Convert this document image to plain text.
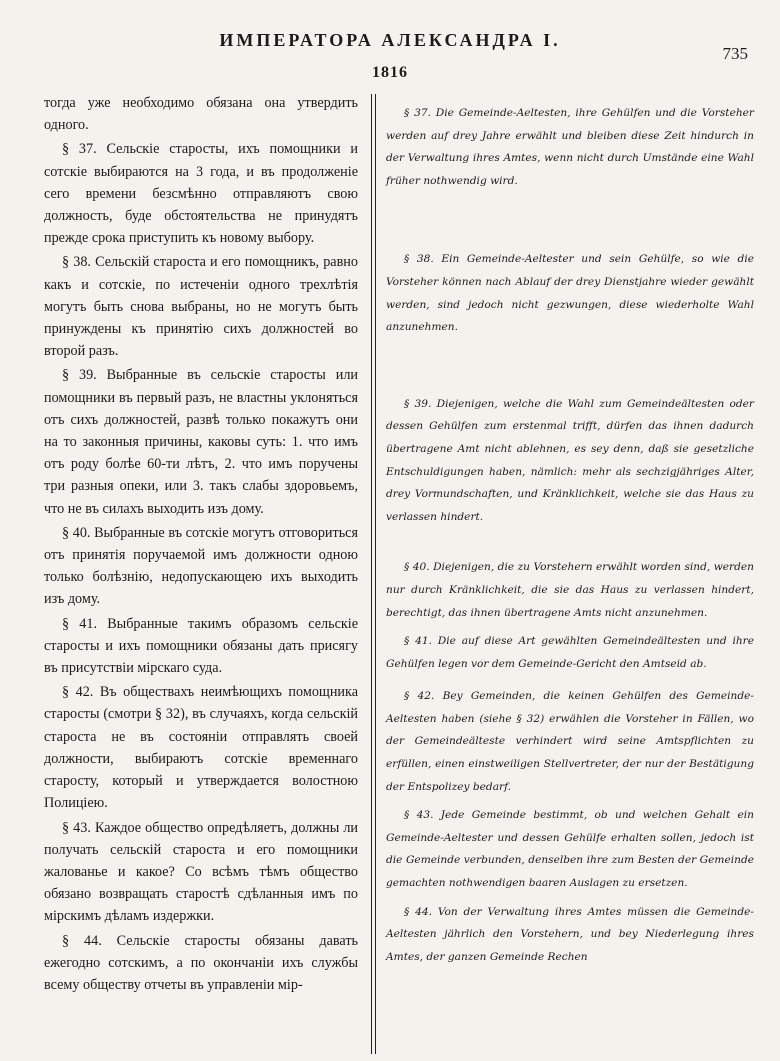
ИМПЕРАТОРА АЛЕКСАНДРА I.
735
1816

тогда уже необходимо обязана она утвердить одного.

§ 37. Сельскіе старосты, ихъ помощники и сотскіе выбираются на 3 года, и въ продолженіе сего времени безсмѣнно отправляютъ свою должность, буде обстоятельства не принудятъ прежде срока приступить къ новому выбору.

§ 38. Сельскій староста и его помощникъ, равно какъ и сотскіе, по истеченіи одного трехлѣтія могутъ быть снова выбраны, но не могутъ быть принуждены къ принятію сихъ должностей во второй разъ.

§ 39. Выбранные въ сельскіе старосты или помощники въ первый разъ, не властны уклоняться отъ сихъ должностей, развѣ только покажутъ они на то законныя причины, каковы суть: 1. что имъ отъ роду болѣе 60-ти лѣтъ, 2. что имъ поручены три разныя опеки, или 3. такъ слабы здоровьемъ, что не въ силахъ выходить изъ дому.

§ 40. Выбранные въ сотскіе могутъ отговориться отъ принятія поручаемой имъ должности одною только болѣзнію, недопускающею ихъ выходить изъ дому.

§ 41. Выбранные такимъ образомъ сельскіе старосты и ихъ помощники обязаны дать присягу въ присутствіи мірскаго суда.

§ 42. Въ обществахъ неимѣющихъ помощника старосты (смотри § 32), въ случаяхъ, когда сельскій староста не въ состояніи отправлять своей должности, выбираютъ сотскіе временнаго старосту, который и утверждается волостною Полиціею.

§ 43. Каждое общество опредѣляетъ, должны ли получать сельскій староста и его помощники жалованье и какое? Со всѣмъ тѣмъ общество обязано возвращать старостѣ сдѣланныя имъ по мірскимъ дѣламъ издержки.

§ 44. Сельскіе старосты обязаны давать ежегодно сотскимъ, а по окончаніи ихъ службы всему обществу отчеты въ управленіи мір-

§ 37. Die Gemeinde-Aeltesten, ihre Gehülfen und die Vorsteher werden auf drey Jahre erwählt und bleiben diese Zeit hindurch in der Verwaltung ihres Amtes, wenn nicht durch Umstände eine Wahl früher nothwendig wird.

§ 38. Ein Gemeinde-Aeltester und sein Gehülfe, so wie die Vorsteher können nach Ablauf der drey Dienstjahre wieder gewählt werden, sind jedoch nicht gezwungen, diese wiederholte Wahl anzunehmen.

§ 39. Diejenigen, welche die Wahl zum Gemeindeältesten oder dessen Gehülfen zum erstenmal trifft, dürfen das ihnen dadurch übertragene Amt nicht ablehnen, es sey denn, daß sie gesetzliche Entschuldigungen haben, nämlich: mehr als sechzigjähriges Alter, drey Vormundschaften, und Kränklichkeit, welche sie das Haus zu verlassen hindert.

§ 40. Diejenigen, die zu Vorstehern erwählt worden sind, werden nur durch Kränklichkeit, die sie das Haus zu verlassen hindert, berechtigt, das ihnen übertragene Amts nicht anzunehmen.

§ 41. Die auf diese Art gewählten Gemeindeältesten und ihre Gehülfen legen vor dem Gemeinde-Gericht den Amtseid ab.

§ 42. Bey Gemeinden, die keinen Gehülfen des Gemeinde-Aeltesten haben (siehe § 32) erwählen die Vorsteher in Fällen, wo der Gemeindeälteste verhindert wird seine Amtspflichten zu erfüllen, einen einstweiligen Stellvertreter, der nur der Bestätigung der Entspolizey bedarf.

§ 43. Jede Gemeinde bestimmt, ob und welchen Gehalt ein Gemeinde-Aeltester und dessen Gehülfe erhalten sollen, jedoch ist die Gemeinde verbunden, denselben ihre zum Besten der Gemeinde gemachten nothwendigen baaren Auslagen zu ersetzen.

§ 44. Von der Verwaltung ihres Amtes müssen die Gemeinde-Aeltesten jährlich den Vorstehern, und bey Niederlegung ihres Amtes, der ganzen Gemeinde Rechen
